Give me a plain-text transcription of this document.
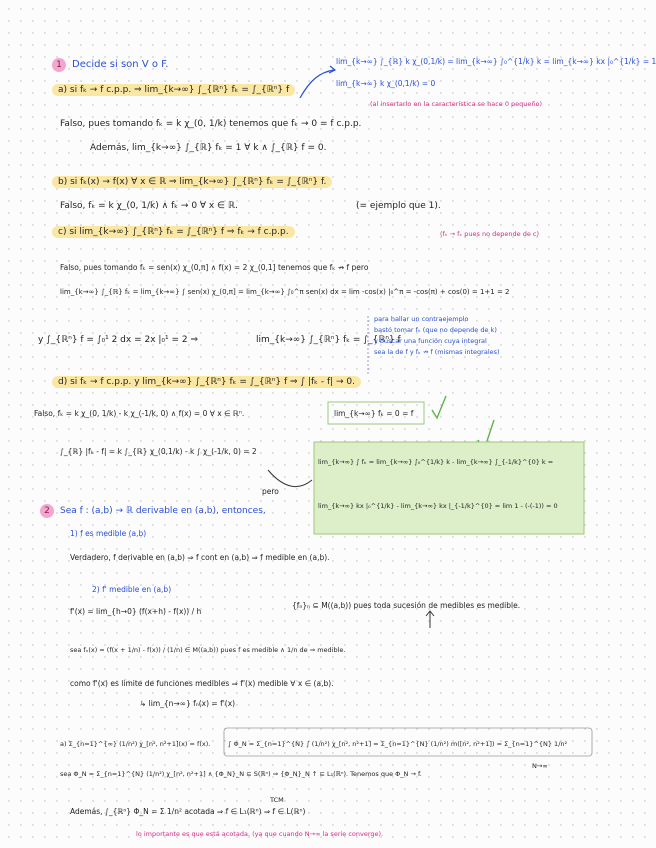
1 Decide si son V o F.	lim_{k→∞} ∫_{ℝ} k χ_(0,1/k) = lim_{k→∞} ∫₀^{1/k} k = lim_{k→∞} kx |₀^{1/k} = 1
lim_{k→∞} k χ_(0,1/k) = 0
(al insertarlo en la característica se hace 0 pequeño)
a) si fₖ → f c.p.p. ⇒ lim_{k→∞} ∫_{ℝⁿ} fₖ = ∫_{ℝⁿ} f
Falso, pues tomando fₖ = k χ_(0, 1/k) tenemos que fₖ → 0 = f c.p.p.
Además, lim_{k→∞} ∫_{ℝ} fₖ = 1 ∀ k ∧ ∫_{ℝ} f = 0.
b) si fₖ(x) → f(x) ∀ x ∈ ℝ ⇒ lim_{k→∞} ∫_{ℝⁿ} fₖ = ∫_{ℝⁿ} f.
Falso, fₖ = k χ_(0, 1/k) ∧ fₖ → 0 ∀ x ∈ ℝ.	(= ejemplo que 1).
c) si lim_{k→∞} ∫_{ℝⁿ} fₖ = ∫_{ℝⁿ} f ⇒ fₖ → f c.p.p.	(fₖ → fₖ pues no depende de c)
Falso, pues tomando fₖ = sen(x) χ_(0,π] ∧ f(x) = 2 χ_(0,1] tenemos que fₖ ↛ f pero
lim_{k→∞} ∫_{ℝ} fₖ = lim_{k→∞} ∫ sen(x) χ_(0,π] = lim_{k→∞} ∫₀^π sen(x) dx = lim -cos(x) |₀^π = -cos(π) + cos(0) = 1+1 = 2
y ∫_{ℝⁿ} f = ∫₀¹ 2 dx = 2x |₀¹ = 2 ⇒	lim_{k→∞} ∫_{ℝⁿ} fₖ = ∫_{ℝⁿ} f
para hallar un contraejemplo
bastó tomar fₖ (que no depende de k)
y buscar una función cuya integral
sea la de f y fₖ ↛ f (mismas integrales)
d) si fₖ → f c.p.p. y lim_{k→∞} ∫_{ℝⁿ} fₖ = ∫_{ℝⁿ} f ⇒ ∫ |fₖ - f| → 0.
Falso, fₖ = k χ_(0, 1/k) - k χ_(-1/k, 0) ∧ f(x) = 0 ∀ x ∈ ℝⁿ.	lim_{k→∞} fₖ = 0 = f
∫_{ℝ} |fₖ - f| = k ∫_{ℝ} χ_(0,1/k) - k ∫ χ_(-1/k, 0) = 2
pero
lim_{k→∞} ∫ fₖ = lim_{k→∞} ∫₀^{1/k} k - lim_{k→∞} ∫_{-1/k}^{0} k =
lim_{k→∞} kx |₀^{1/k} - lim_{k→∞} kx |_{-1/k}^{0} = lim 1 - (-(-1)) = 0
2 Sea f : (a,b) → ℝ derivable en (a,b), entonces,
1) f es medible (a,b)
Verdadero, f derivable en (a,b) ⇒ f cont en (a,b) ⇒ f medible en (a,b).
2) f' medible en (a,b)
{fₙ}ₙ ⊆ M((a,b)) pues toda sucesión de medibles es medible.
f'(x) = lim_{h→0} (f(x+h) - f(x)) / h
sea fₙ(x) = (f(x + 1/n) - f(x)) / (1/n) ∈ M((a,b)) pues f es medible ∧ 1/n de ⇒ medible.
como f'(x) es límite de funciones medibles ⇒ f'(x) medible ∀ x ∈ (a,b).
↳ lim_{n→∞} fₙ(x) = f'(x)
a) Σ_{n=1}^{∞} (1/n²) χ_[n², n²+1](x) = f(x).	∫ Φ_N = Σ_{n=1}^{N} ∫ (1/n²) χ_[n², n²+1] = Σ_{n=1}^{N} (1/n²) m([n², n²+1]) = Σ_{n=1}^{N} 1/n²
sea Φ_N = Σ_{n=1}^{N} (1/n²) χ_[n², n²+1] ∧ {Φ_N}_N ⊆ S(ℝⁿ) ⇒ {Φ_N}_N ↑ ⊆ L₁(ℝⁿ). Tenemos que Φ_N → f.
N→∞
TCM
Además, ∫_{ℝⁿ} Φ_N = Σ 1/n² acotada ⇒ f ∈ L₁(ℝⁿ) ⇒ f ∈ L(ℝⁿ)
lo importante es que está acotada. (ya que cuando N→∞ la serie converge).
